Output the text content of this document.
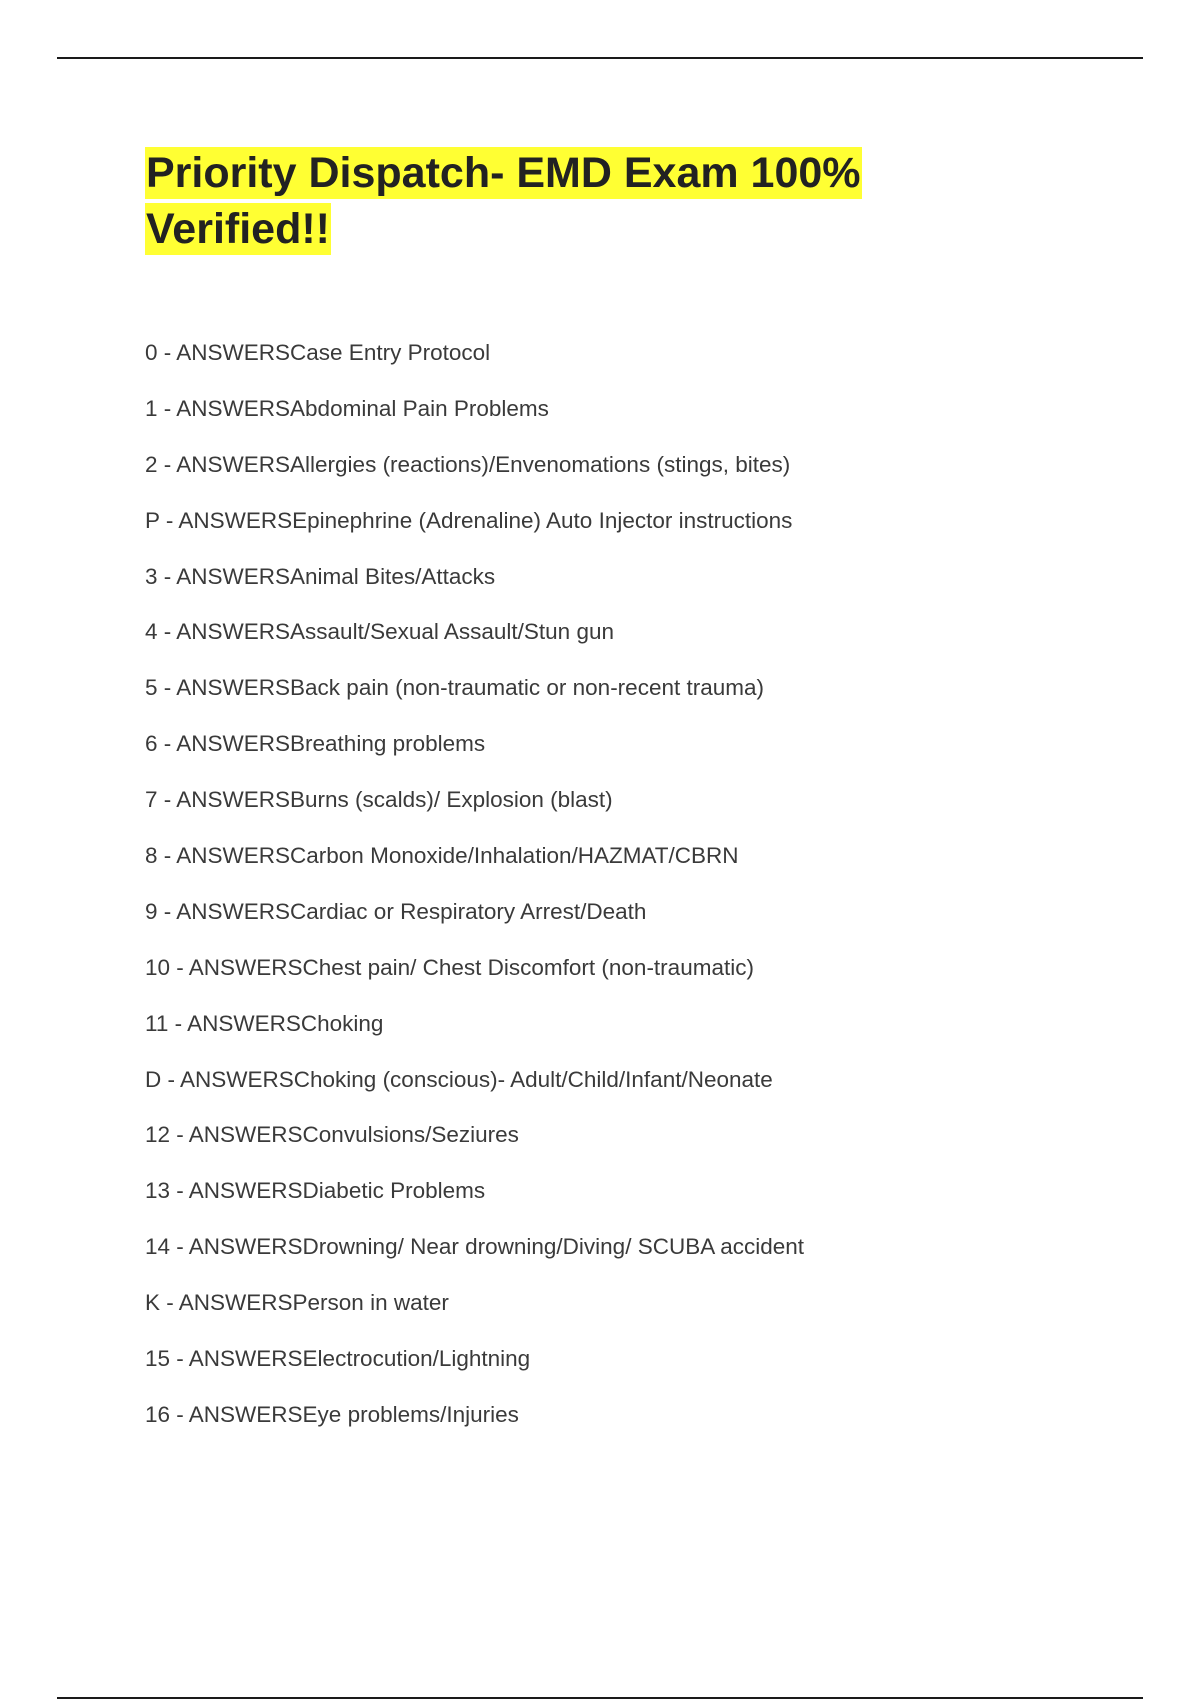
Priority Dispatch- EMD Exam 100% Verified!!
0 - ANSWERSCase Entry Protocol
1 - ANSWERSAbdominal Pain Problems
2 - ANSWERSAllergies (reactions)/Envenomations (stings, bites)
P - ANSWERSEpinephrine (Adrenaline) Auto Injector instructions
3 - ANSWERSAnimal Bites/Attacks
4 - ANSWERSAssault/Sexual Assault/Stun gun
5 - ANSWERSBack pain (non-traumatic or non-recent trauma)
6 - ANSWERSBreathing problems
7 - ANSWERSBurns (scalds)/ Explosion (blast)
8 - ANSWERSCarbon Monoxide/Inhalation/HAZMAT/CBRN
9 - ANSWERSCardiac or Respiratory Arrest/Death
10 - ANSWERSChest pain/ Chest Discomfort (non-traumatic)
11 - ANSWERSChoking
D - ANSWERSChoking (conscious)- Adult/Child/Infant/Neonate
12 - ANSWERSConvulsions/Seziures
13 - ANSWERSDiabetic Problems
14 - ANSWERSDrowning/ Near drowning/Diving/ SCUBA accident
K - ANSWERSPerson in water
15 - ANSWERSElectrocution/Lightning
16 - ANSWERSEye problems/Injuries
